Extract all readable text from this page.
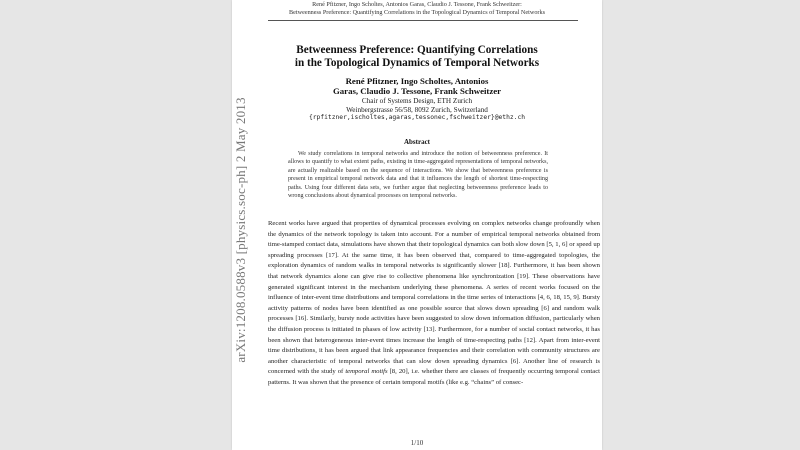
René Pfitzner, Ingo Scholtes, Antonios Garas, Claudio J. Tessone, Frank Schweitzer:
Betweenness Preference: Quantifying Correlations in the Topological Dynamics of Temporal Networks
Betweenness Preference: Quantifying Correlations
in the Topological Dynamics of Temporal Networks
René Pfitzner, Ingo Scholtes, Antonios
Garas, Claudio J. Tessone, Frank Schweitzer
Chair of Systems Design, ETH Zurich
Weinbergstrasse 56/58, 8092 Zurich, Switzerland
{rpfitzner,ischoltes,agaras,tessonec,fschweitzer}@ethz.ch
Abstract

We study correlations in temporal networks and introduce the notion of betweenness preference. It allows to quantify to what extent paths, existing in time-aggregated representations of temporal networks, are actually realizable based on the sequence of interactions. We show that betweenness preference is present in empirical temporal network data and that it influences the length of shortest time-respecting paths. Using four different data sets, we further argue that neglecting betweenness preference leads to wrong conclusions about dynamical processes on temporal networks.

Recent works have argued that properties of dynamical processes evolving on complex networks change profoundly when the dynamics of the network topology is taken into account. For a number of empirical temporal networks obtained from time-stamped contact data, simulations have shown that their topological dynamics can both slow down [5, 1, 6] or speed up spreading processes [17]. At the same time, it has been observed that, compared to time-aggregated topologies, the exploration dynamics of random walks in temporal networks is significantly slower [18]. Furthermore, it has been shown that network dynamics alone can give rise to collective phenomena like synchronization [19]. These observations have generated significant interest in the mechanism underlying these phenomena. A series of recent works focused on the influence of inter-event time distributions and temporal correlations in the time series of interactions [4, 6, 18, 15, 9]. Bursty activity patterns of nodes have been identified as one possible source that slows down spreading [6] and random walk processes [16]. Similarly, bursty node activities have been suggested to slow down information diffusion, particularly when the diffusion process is initiated in phases of low activity [13]. Furthermore, for a number of social contact networks, it has been shown that heterogeneous inter-event times increase the length of time-respecting paths [12]. Apart from inter-event time distributions, it has been argued that link appearance frequencies and their correlation with community structures are another characteristic of temporal networks that can slow down spreading dynamics [6]. Another line of research is concerned with the study of temporal motifs [8, 20], i.e. whether there are classes of frequently occurring temporal contact patterns. It was shown that the presence of certain temporal motifs (like e.g. “chains” of consec-

1/10
arXiv:1208.0588v3 [physics.soc-ph] 2 May 2013
